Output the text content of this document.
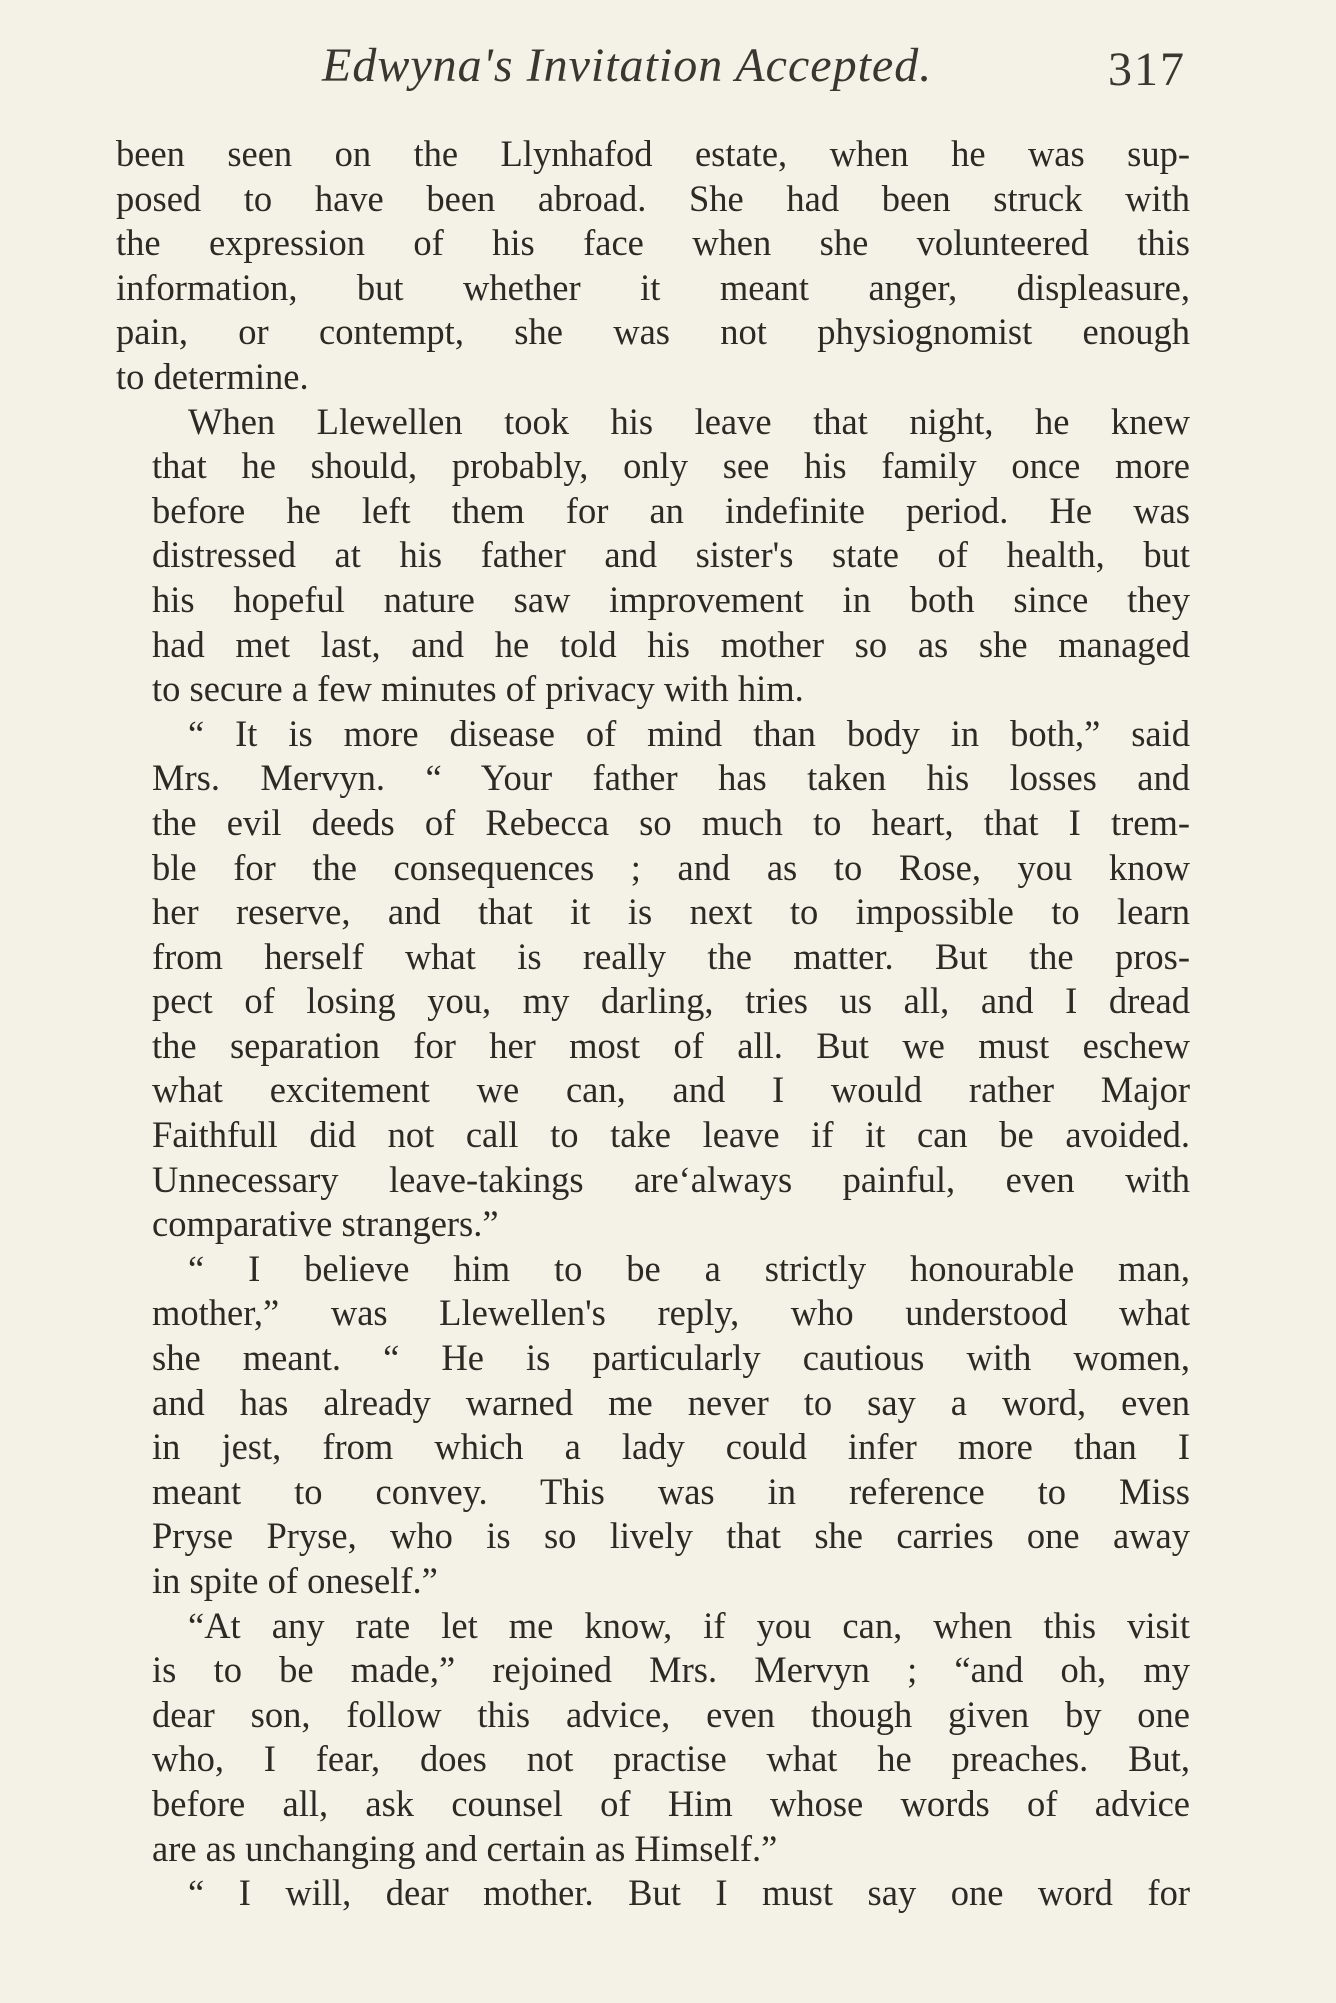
Edwyna's Invitation Accepted.	317
been seen on the Llynhafod estate, when he was sup-
posed to have been abroad. She had been struck with
the expression of his face when she volunteered this
information, but whether it meant anger, displeasure,
pain, or contempt, she was not physiognomist enough
to determine.
When Llewellen took his leave that night, he knew
that he should, probably, only see his family once more
before he left them for an indefinite period. He was
distressed at his father and sister's state of health, but
his hopeful nature saw improvement in both since they
had met last, and he told his mother so as she managed
to secure a few minutes of privacy with him.
“ It is more disease of mind than body in both,” said
Mrs. Mervyn. “ Your father has taken his losses and
the evil deeds of Rebecca so much to heart, that I trem-
ble for the consequences ; and as to Rose, you know
her reserve, and that it is next to impossible to learn
from herself what is really the matter. But the pros-
pect of losing you, my darling, tries us all, and I dread
the separation for her most of all. But we must eschew
what excitement we can, and I would rather Major
Faithfull did not call to take leave if it can be avoided.
Unnecessary leave-takings are‘always painful, even with
comparative strangers.”
“ I believe him to be a strictly honourable man,
mother,” was Llewellen's reply, who understood what
she meant. “ He is particularly cautious with women,
and has already warned me never to say a word, even
in jest, from which a lady could infer more than I
meant to convey. This was in reference to Miss
Pryse Pryse, who is so lively that she carries one away
in spite of oneself.”
“At any rate let me know, if you can, when this visit
is to be made,” rejoined Mrs. Mervyn ; “and oh, my
dear son, follow this advice, even though given by one
who, I fear, does not practise what he preaches. But,
before all, ask counsel of Him whose words of advice
are as unchanging and certain as Himself.”
“ I will, dear mother. But I must say one word for
